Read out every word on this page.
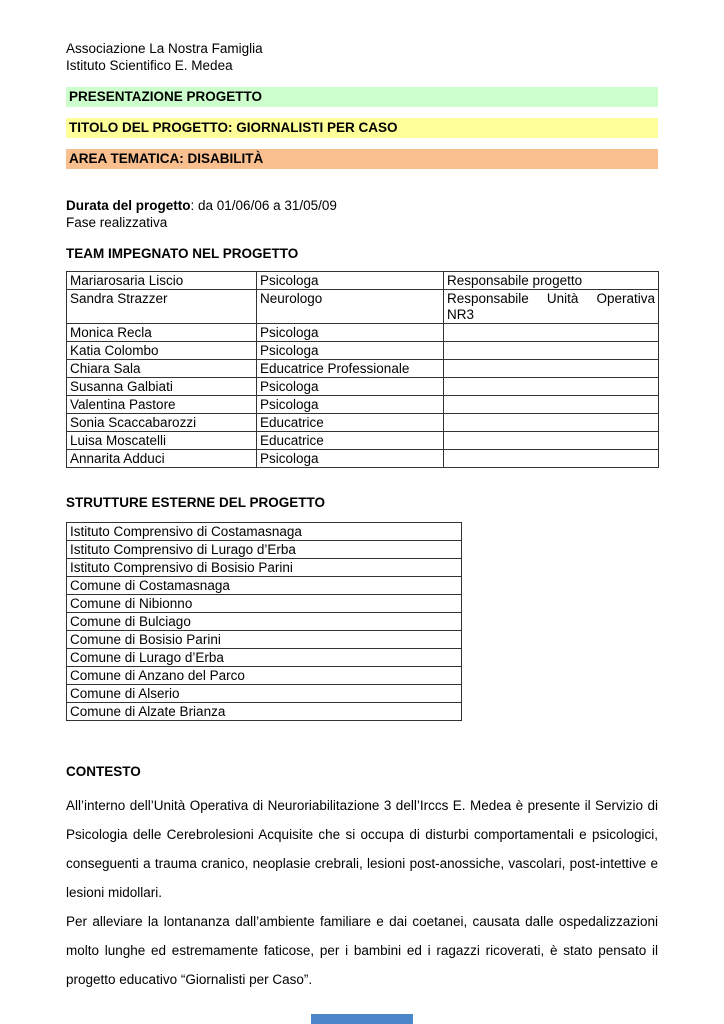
Associazione La Nostra Famiglia
Istituto Scientifico E. Medea
PRESENTAZIONE PROGETTO
TITOLO DEL PROGETTO: GIORNALISTI PER CASO
AREA TEMATICA: DISABILITÀ
Durata del progetto: da 01/06/06 a 31/05/09
Fase realizzativa
TEAM IMPEGNATO NEL PROGETTO
Mariarosaria Liscio	Psicologa	Responsabile progetto
Sandra Strazzer	Neurologo	Responsabile Unità Operativa NR3
Monica Recla	Psicologa	
Katia Colombo	Psicologa	
Chiara Sala	Educatrice Professionale	
Susanna Galbiati	Psicologa	
Valentina Pastore	Psicologa	
Sonia Scaccabarozzi	Educatrice	
Luisa Moscatelli	Educatrice	
Annarita Adduci	Psicologa	
STRUTTURE ESTERNE DEL PROGETTO
Istituto Comprensivo di Costamasnaga
Istituto Comprensivo di Lurago d’Erba
Istituto Comprensivo di Bosisio Parini
Comune di Costamasnaga
Comune di Nibionno
Comune di Bulciago
Comune di Bosisio Parini
Comune di Lurago d’Erba
Comune di Anzano del Parco
Comune di Alserio
Comune di Alzate Brianza
CONTESTO
All’interno dell’Unità Operativa di Neuroriabilitazione 3 dell’Irccs E. Medea è presente il Servizio di Psicologia delle Cerebrolesioni Acquisite che si occupa di disturbi comportamentali e psicologici, conseguenti a trauma cranico, neoplasie crebrali, lesioni post-anossiche, vascolari, post-intettive e lesioni midollari.
Per alleviare la lontananza dall’ambiente familiare e dai coetanei, causata dalle ospedalizzazioni molto lunghe ed estremamente faticose, per i bambini ed i ragazzi ricoverati, è stato pensato il progetto educativo “Giornalisti per Caso”.
